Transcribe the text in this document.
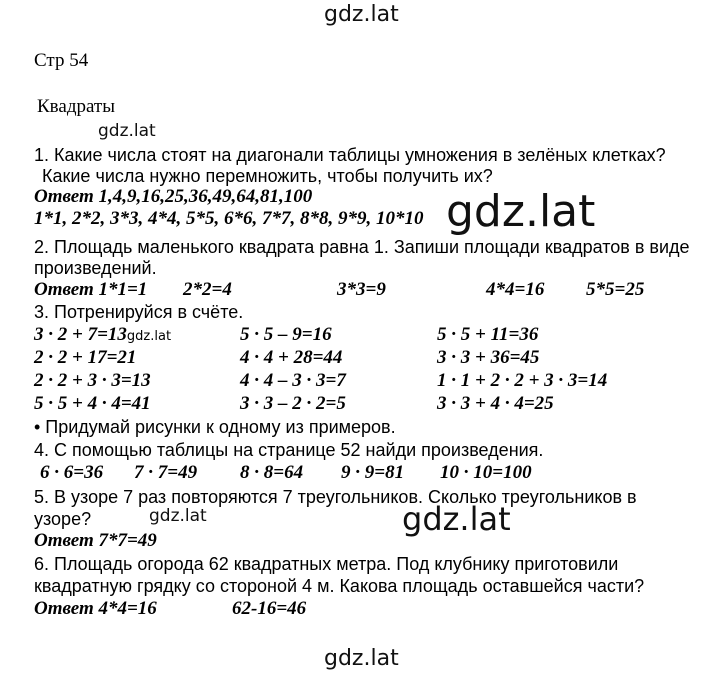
gdz.lat
gdz.lat
gdz.lat
gdz.lat	gdz.lat
gdz.lat
Стр 54
Квадраты
1. Какие числа стоят на диагонали таблицы умножения в зелёных клетках?
Какие числа нужно перемножить, чтобы получить их?
Ответ 1,4,9,16,25,36,49,64,81,100
1*1, 2*2, 3*3, 4*4, 5*5, 6*6, 7*7, 8*8, 9*9, 10*10
2. Площадь маленького квадрата равна 1. Запиши площади квадратов в виде
произведений.
Ответ 1*1=1 2*2=4	3*3=9	4*4=16 5*5=25
3. Потренируйся в счёте.
3 · 2 + 7=13gdz.lat	5 · 5 – 9=16	5 · 5 + 11=36
2 · 2 + 17=21	4 · 4 + 28=44	3 · 3 + 36=45
2 · 2 + 3 · 3=13	4 · 4 – 3 · 3=7	1 · 1 + 2 · 2 + 3 · 3=14
5 · 5 + 4 · 4=41	3 · 3 – 2 · 2=5	3 · 3 + 4 · 4=25
• Придумай рисунки к одному из примеров.
4. С помощью таблицы на странице 52 найди произведения.
6 · 6=36 7 · 7=49 8 · 8=64 9 · 9=81 10 · 10=100
5. В узоре 7 раз повторяются 7 треугольников. Сколько треугольников в
узоре?
Ответ 7*7=49
6. Площадь огорода 62 квадратных метра. Под клубнику приготовили
квадратную грядку со стороной 4 м. Какова площадь оставшейся части?
Ответ 4*4=16	62-16=46
